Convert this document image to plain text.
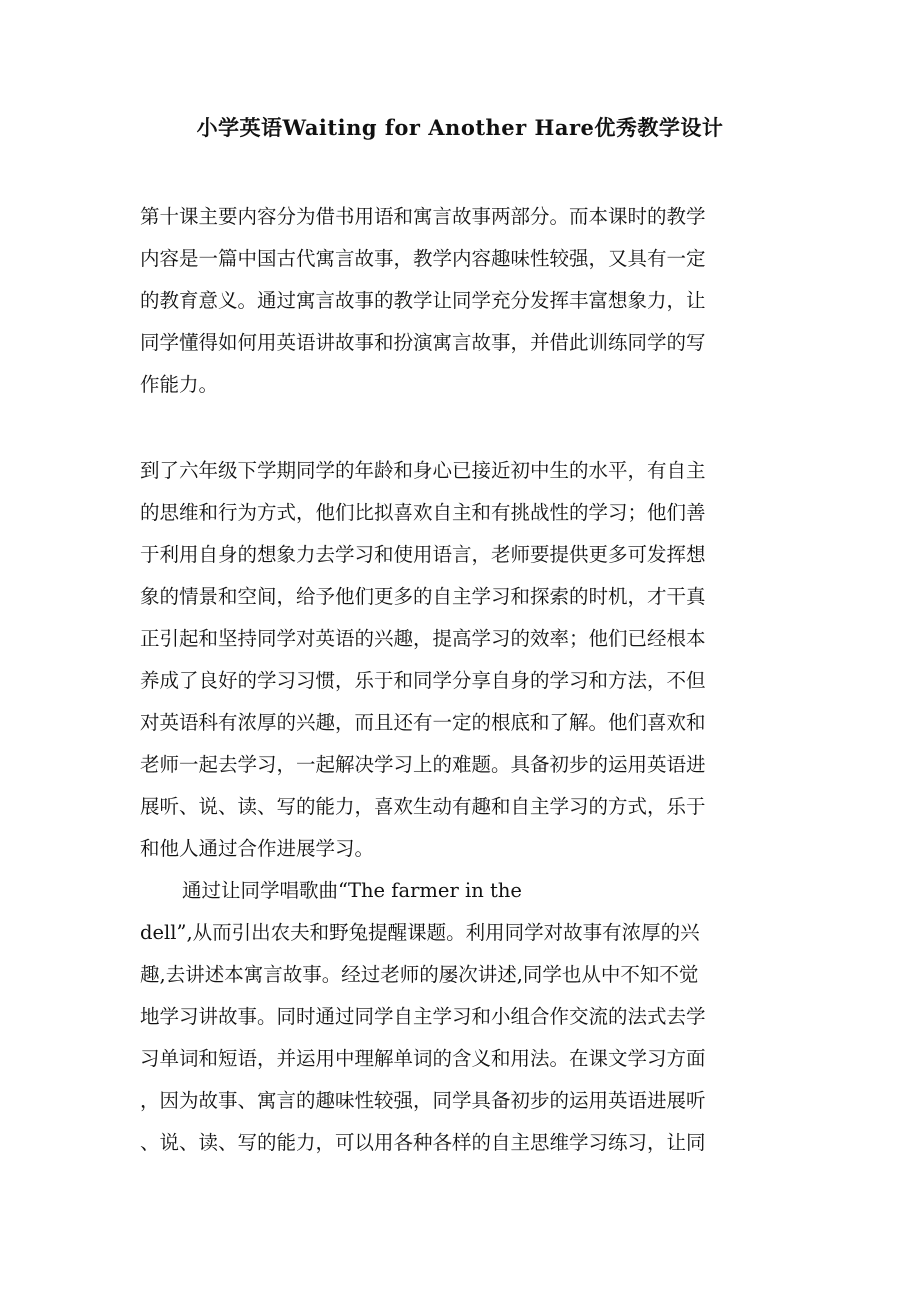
小学英语Waiting for Another Hare优秀教学设计
第十课主要内容分为借书用语和寓言故事两部分。而本课时的教学
内容是一篇中国古代寓言故事，教学内容趣味性较强，又具有一定
的教育意义。通过寓言故事的教学让同学充分发挥丰富想象力，让
同学懂得如何用英语讲故事和扮演寓言故事，并借此训练同学的写
作能力。
到了六年级下学期同学的年龄和身心已接近初中生的水平，有自主
的思维和行为方式，他们比拟喜欢自主和有挑战性的学习；他们善
于利用自身的想象力去学习和使用语言，老师要提供更多可发挥想
象的情景和空间，给予他们更多的自主学习和探索的时机，才干真
正引起和坚持同学对英语的兴趣，提高学习的效率；他们已经根本
养成了良好的学习习惯，乐于和同学分享自身的学习和方法，不但
对英语科有浓厚的兴趣，而且还有一定的根底和了解。他们喜欢和
老师一起去学习，一起解决学习上的难题。具备初步的运用英语进
展听、说、读、写的能力，喜欢生动有趣和自主学习的方式，乐于
和他人通过合作进展学习。
通过让同学唱歌曲“The farmer in the
dell”,从而引出农夫和野兔提醒课题。利用同学对故事有浓厚的兴
趣,去讲述本寓言故事。经过老师的屡次讲述,同学也从中不知不觉
地学习讲故事。同时通过同学自主学习和小组合作交流的法式去学
习单词和短语，并运用中理解单词的含义和用法。在课文学习方面
，因为故事、寓言的趣味性较强，同学具备初步的运用英语进展听
、说、读、写的能力，可以用各种各样的自主思维学习练习，让同
